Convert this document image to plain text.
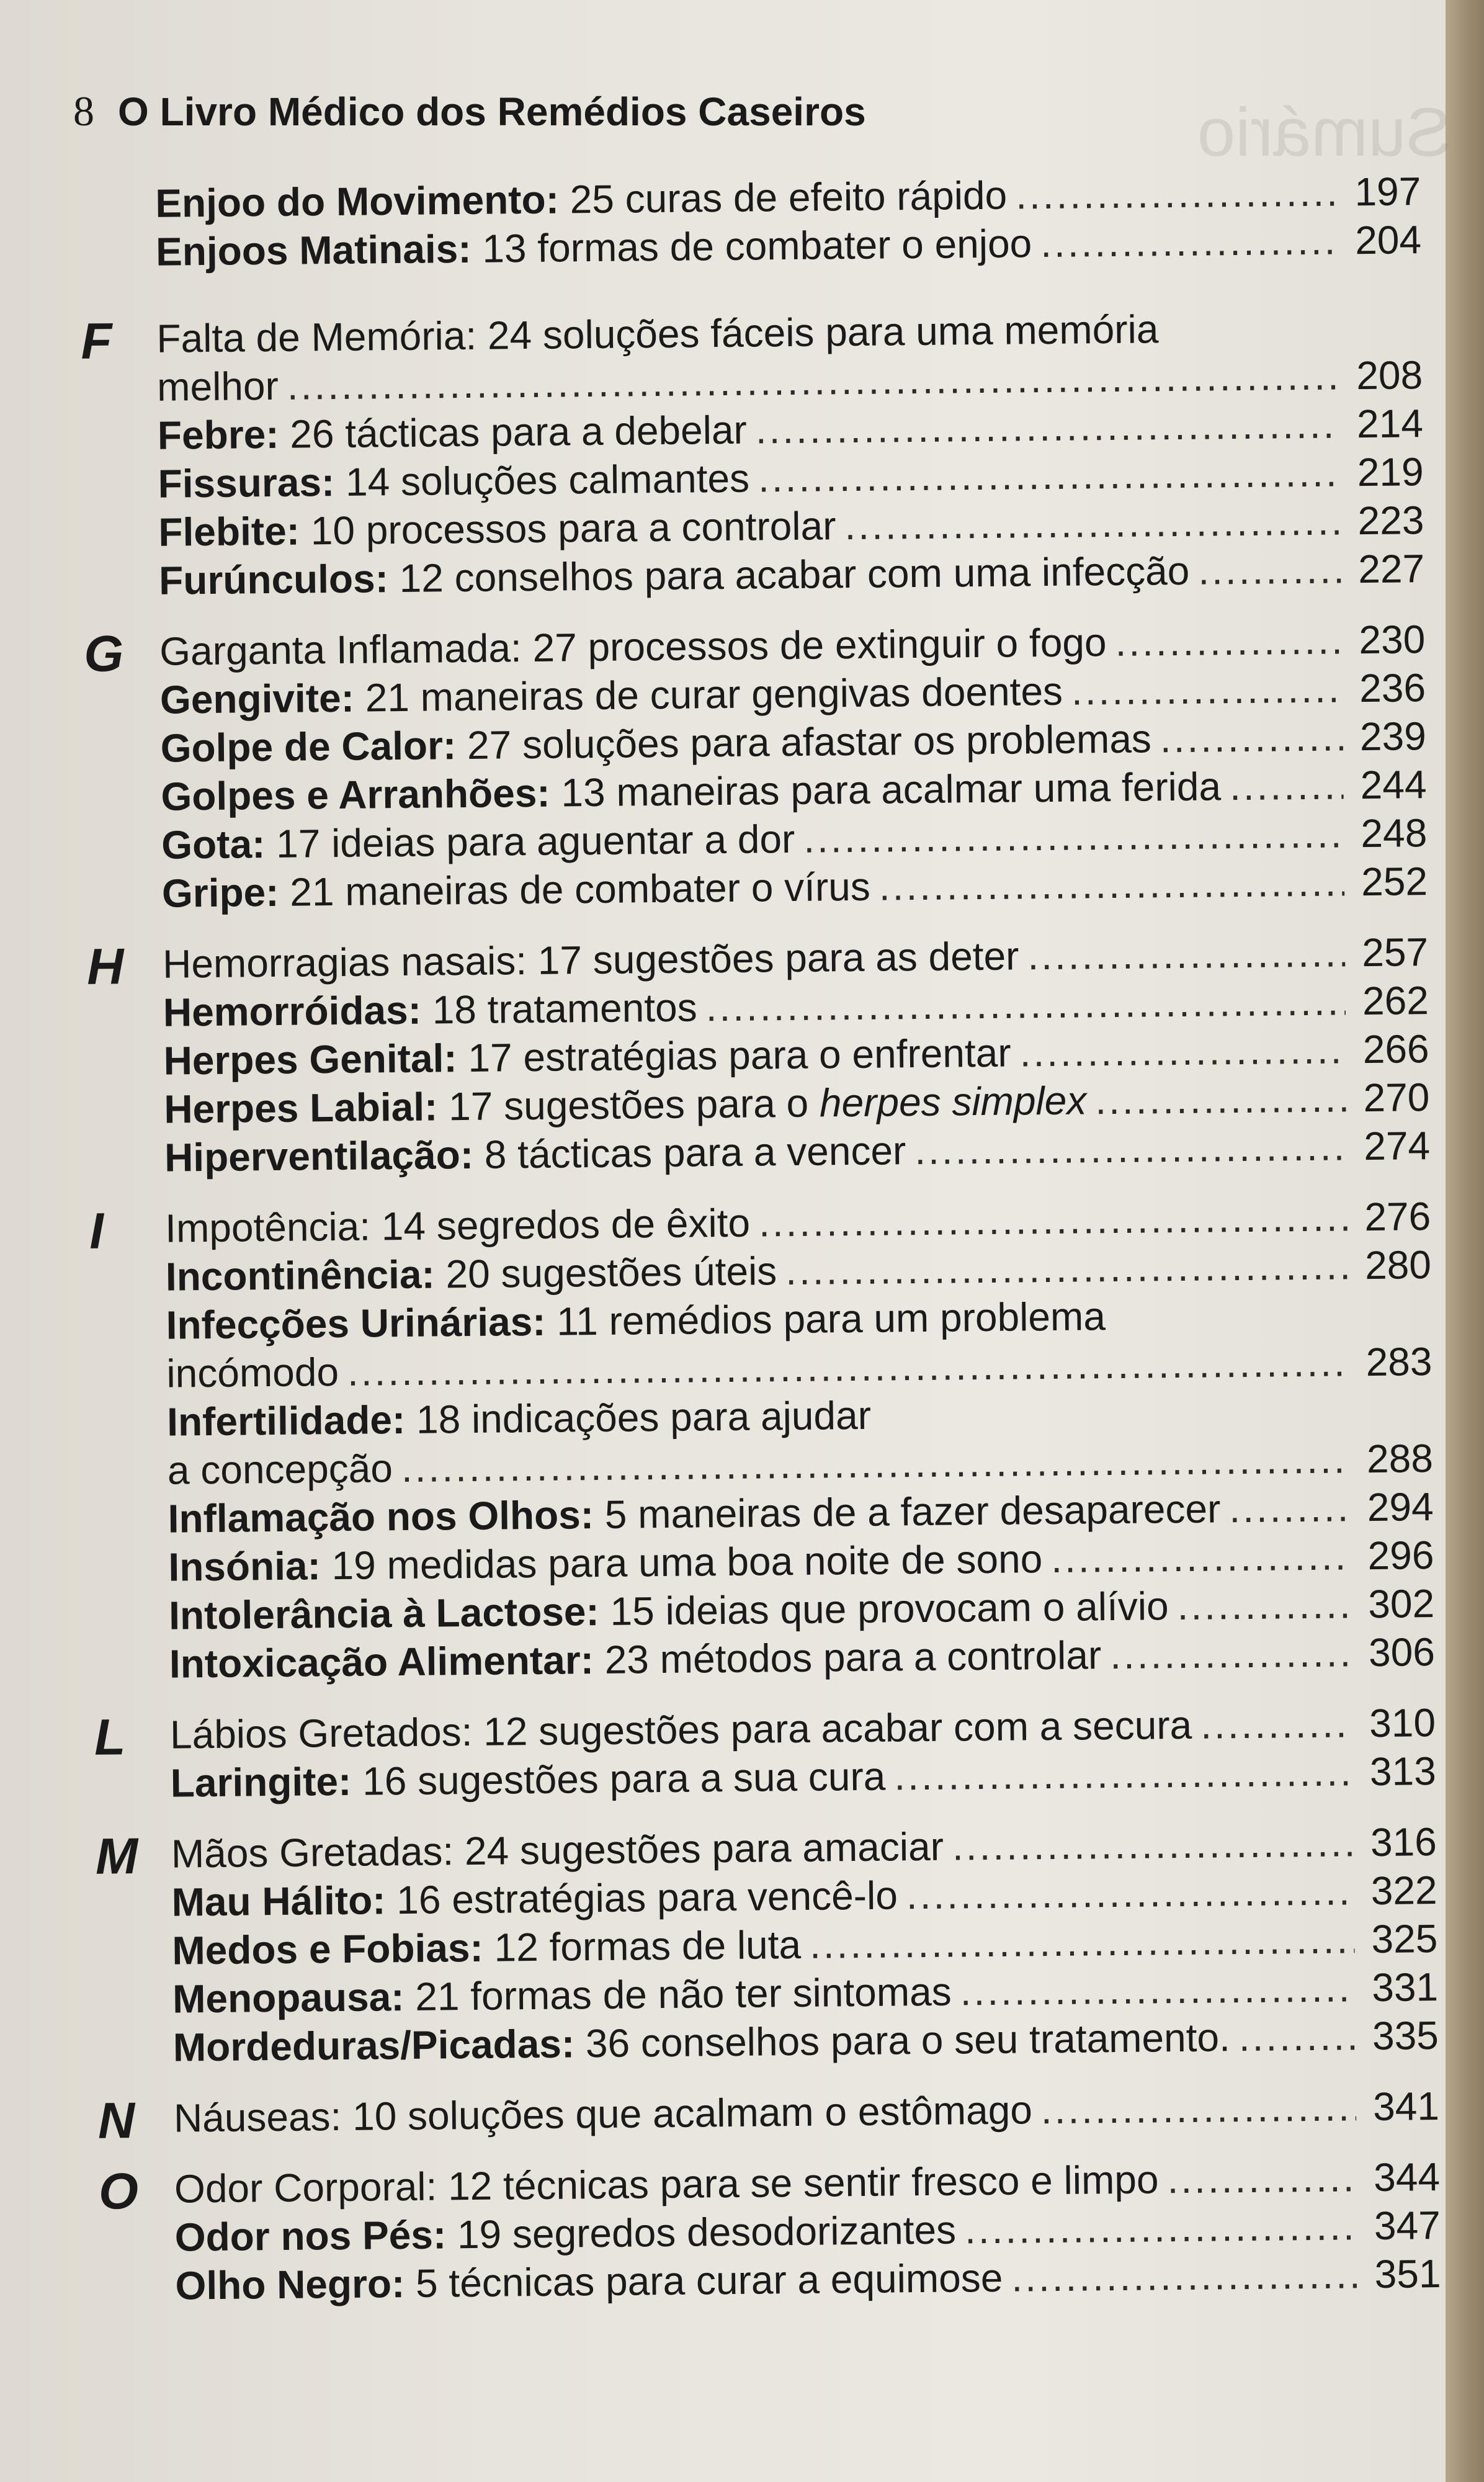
Sumário
8 O Livro Médico dos Remédios Caseiros
Enjoo do Movimento: 25 curas de efeito rápido .....	197
Enjoos Matinais: 13 formas de combater o enjoo .....	204
F Falta de Memória: 24 soluções fáceis para uma memória
melhor .....	208
Febre: 26 tácticas para a debelar .....	214
Fissuras: 14 soluções calmantes .....	219
Flebite: 10 processos para a controlar .....	223
Furúnculos: 12 conselhos para acabar com uma infecção .....	227
G Garganta Inflamada: 27 processos de extinguir o fogo .....	230
Gengivite: 21 maneiras de curar gengivas doentes .....	236
Golpe de Calor: 27 soluções para afastar os problemas .....	239
Golpes e Arranhões: 13 maneiras para acalmar uma ferida .....	244
Gota: 17 ideias para aguentar a dor .....	248
Gripe: 21 maneiras de combater o vírus .....	252
H Hemorragias nasais: 17 sugestões para as deter .....	257
Hemorróidas: 18 tratamentos .....	262
Herpes Genital: 17 estratégias para o enfrentar .....	266
Herpes Labial: 17 sugestões para o herpes simplex .....	270
Hiperventilação: 8 tácticas para a vencer .....	274
I Impotência: 14 segredos de êxito .....	276
Incontinência: 20 sugestões úteis .....	280
Infecções Urinárias: 11 remédios para um problema
incómodo .....	283
Infertilidade: 18 indicações para ajudar
a concepção .....	288
Inflamação nos Olhos: 5 maneiras de a fazer desaparecer .....	294
Insónia: 19 medidas para uma boa noite de sono .....	296
Intolerância à Lactose: 15 ideias que provocam o alívio .....	302
Intoxicação Alimentar: 23 métodos para a controlar .....	306
L Lábios Gretados: 12 sugestões para acabar com a secura .....	310
Laringite: 16 sugestões para a sua cura .....	313
M Mãos Gretadas: 24 sugestões para amaciar .....	316
Mau Hálito: 16 estratégias para vencê-lo .....	322
Medos e Fobias: 12 formas de luta .....	325
Menopausa: 21 formas de não ter sintomas .....	331
Mordeduras/Picadas: 36 conselhos para o seu tratamento. .....	335
N Náuseas: 10 soluções que acalmam o estômago .....	341
O Odor Corporal: 12 técnicas para se sentir fresco e limpo .....	344
Odor nos Pés: 19 segredos desodorizantes .....	347
Olho Negro: 5 técnicas para curar a equimose .....	351
